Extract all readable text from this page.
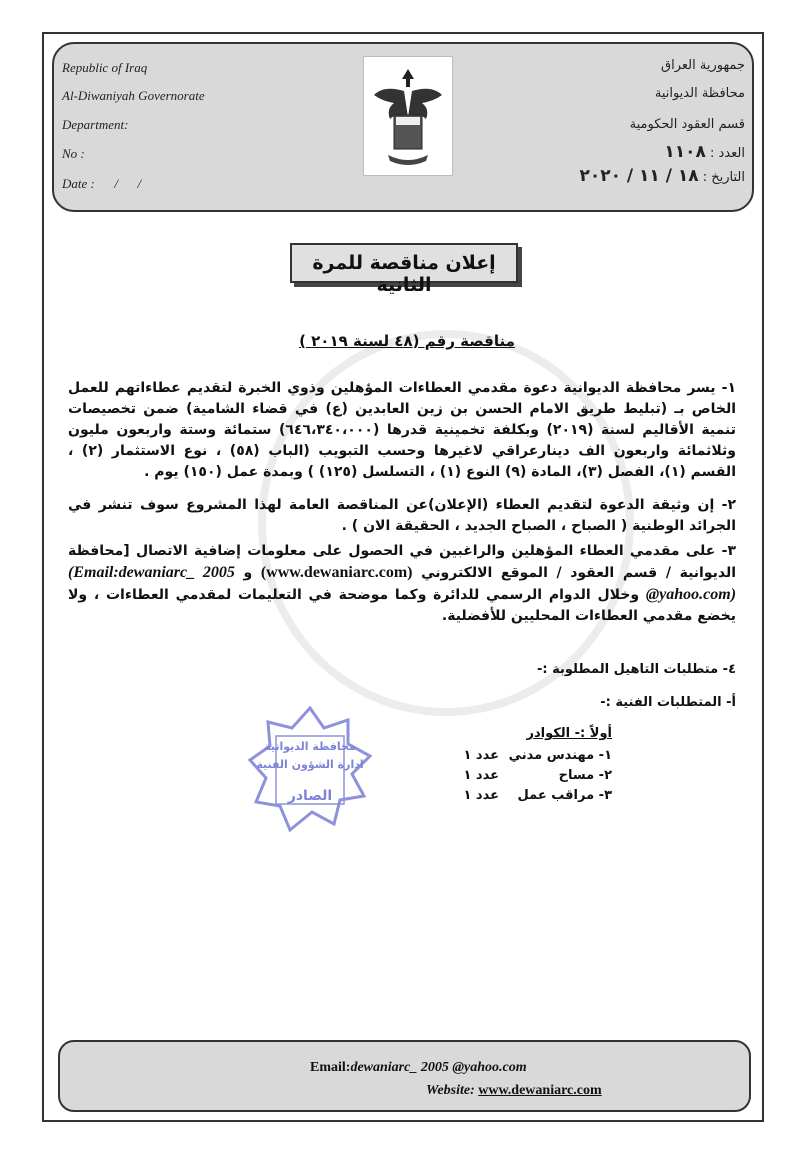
Republic of Iraq
Al-Diwaniyah Governorate
Department:
No :
Date :      /      /
جمهورية العراق
محافظة الديوانية
قسم العقود الحكومية
العدد : ١١٠٨
التاريخ : ١٨ / ١١ / ٢٠٢٠
إعلان مناقصة للمرة الثانية
مناقصة رقم (٤٨ لسنة ٢٠١٩ )
١- يسر محافظة الديوانية دعوة مقدمي العطاءات المؤهلين وذوي الخبرة لتقديم عطاءاتهم للعمل الخاص بـ (تبليط طريق الامام الحسن بن زين العابدين (ع) في قضاء الشامية) ضمن تخصيصات تنمية الأقاليم لسنة (٢٠١٩) وبكلفة تخمينية قدرها (٦٤٦،٣٤٠،٠٠٠) ستمائة وستة واربعون مليون وثلاثمائة واربعون الف دينارعراقي لاغيرها وحسب التبويب (الباب (٥٨) ، نوع الاستثمار (٢) ، القسم (١)، الفصل (٣)، المادة (٩) النوع (١) ، التسلسل (١٢٥) ) وبمدة عمل (١٥٠) يوم .
٢- إن وثيقة الدعوة لتقديم العطاء (الإعلان)عن المناقصة العامة لهذا المشروع سوف تنشر في الجرائد الوطنية ( الصباح ، الصباح الجديد ، الحقيقة الان ) .
٣- على مقدمي العطاء المؤهلين والراغبين في الحصول على معلومات إضافية الاتصال [محافظة الديوانية / قسم العقود / الموقع الالكتروني (www.dewaniarc.com) و (Email:dewaniarc_ 2005 @yahoo.com) وخلال الدوام الرسمي للدائرة وكما موضحة في التعليمات لمقدمي العطاءات ، ولا يخضع مقدمي العطاءات المحليين للأفضلية.
٤- متطلبات التاهيل المطلوبة :-
أ- المتطلبات الفنية :-
أولاً :- الكوادر
١- مهندس مدني
عدد ١
٢- مساح
عدد ١
٣- مراقب عمل
عدد ١
محافظة الديوانية
ادارة الشؤون الفنية
الصادر
Email:dewaniarc_ 2005 @yahoo.com
Website: www.dewaniarc.com
